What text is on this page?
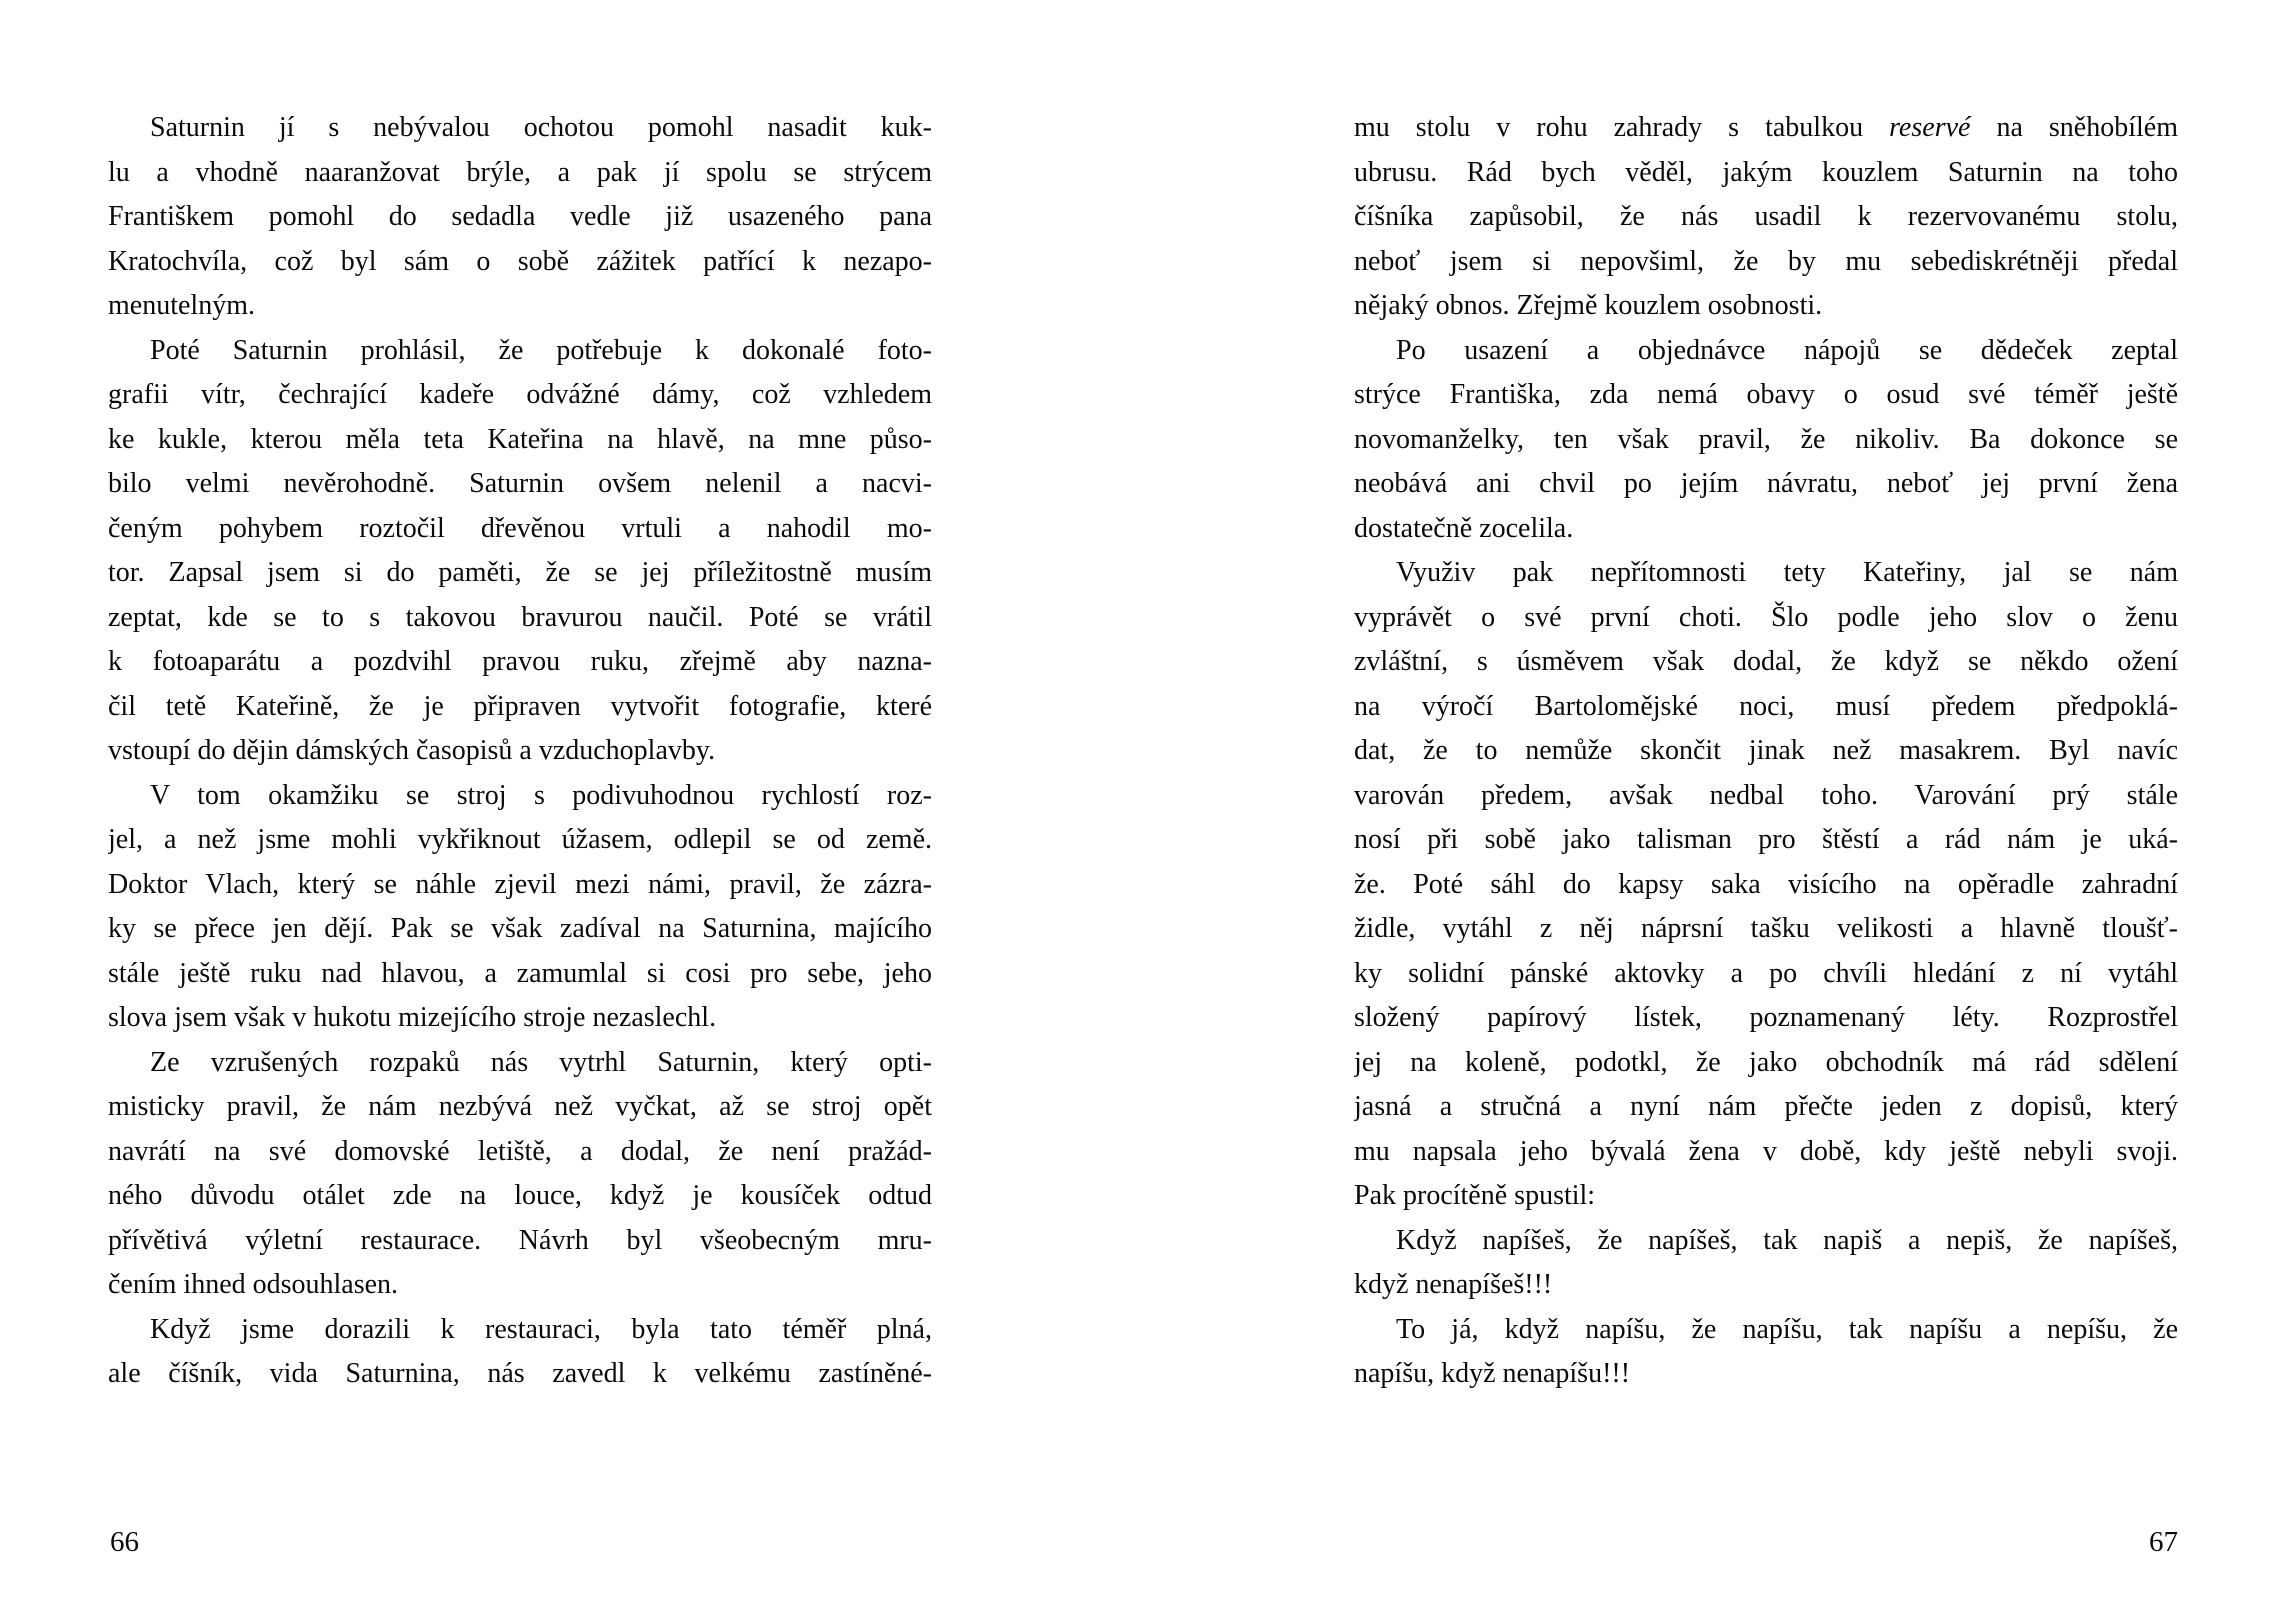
Saturnin jí s nebývalou ochotou pomohl nasadit kuk-
lu a vhodně naaranžovat brýle, a pak jí spolu se strýcem
Františkem pomohl do sedadla vedle již usazeného pana
Kratochvíla, což byl sám o sobě zážitek patřící k nezapo-
menutelným.
Poté Saturnin prohlásil, že potřebuje k dokonalé foto-
grafii vítr, čechrající kadeře odvážné dámy, což vzhledem
ke kukle, kterou měla teta Kateřina na hlavě, na mne půso-
bilo velmi nevěrohodně. Saturnin ovšem nelenil a nacvi-
čeným pohybem roztočil dřevěnou vrtuli a nahodil mo-
tor. Zapsal jsem si do paměti, že se jej příležitostně musím
zeptat, kde se to s takovou bravurou naučil. Poté se vrátil
k fotoaparátu a pozdvihl pravou ruku, zřejmě aby nazna-
čil tetě Kateřině, že je připraven vytvořit fotografie, které
vstoupí do dějin dámských časopisů a vzduchoplavby.
V tom okamžiku se stroj s podivuhodnou rychlostí roz-
jel, a než jsme mohli vykřiknout úžasem, odlepil se od země.
Doktor Vlach, který se náhle zjevil mezi námi, pravil, že zázra-
ky se přece jen dějí. Pak se však zadíval na Saturnina, majícího
stále ještě ruku nad hlavou, a zamumlal si cosi pro sebe, jeho
slova jsem však v hukotu mizejícího stroje nezaslechl.
Ze vzrušených rozpaků nás vytrhl Saturnin, který opti-
misticky pravil, že nám nezbývá než vyčkat, až se stroj opět
navrátí na své domovské letiště, a dodal, že není pražád-
ného důvodu otálet zde na louce, když je kousíček odtud
přívětivá výletní restaurace. Návrh byl všeobecným mru-
čením ihned odsouhlasen.
Když jsme dorazili k restauraci, byla tato téměř plná,
ale číšník, vida Saturnina, nás zavedl k velkému zastíněné-
mu stolu v rohu zahrady s tabulkou reservé na sněhobílém
ubrusu. Rád bych věděl, jakým kouzlem Saturnin na toho
číšníka zapůsobil, že nás usadil k rezervovanému stolu,
neboť jsem si nepovšiml, že by mu sebediskrétněji předal
nějaký obnos. Zřejmě kouzlem osobnosti.
Po usazení a objednávce nápojů se dědeček zeptal
strýce Františka, zda nemá obavy o osud své téměř ještě
novomanželky, ten však pravil, že nikoliv. Ba dokonce se
neobává ani chvil po jejím návratu, neboť jej první žena
dostatečně zocelila.
Využiv pak nepřítomnosti tety Kateřiny, jal se nám
vyprávět o své první choti. Šlo podle jeho slov o ženu
zvláštní, s úsměvem však dodal, že když se někdo ožení
na výročí Bartolomějské noci, musí předem předpoklá-
dat, že to nemůže skončit jinak než masakrem. Byl navíc
varován předem, avšak nedbal toho. Varování prý stále
nosí při sobě jako talisman pro štěstí a rád nám je uká-
že. Poté sáhl do kapsy saka visícího na opěradle zahradní
židle, vytáhl z něj náprsní tašku velikosti a hlavně tloušť-
ky solidní pánské aktovky a po chvíli hledání z ní vytáhl
složený papírový lístek, poznamenaný léty. Rozprostřel
jej na koleně, podotkl, že jako obchodník má rád sdělení
jasná a stručná a nyní nám přečte jeden z dopisů, který
mu napsala jeho bývalá žena v době, kdy ještě nebyli svoji.
Pak procítěně spustil:
Když napíšeš, že napíšeš, tak napiš a nepiš, že napíšeš,
když nenapíšeš!!!
To já, když napíšu, že napíšu, tak napíšu a nepíšu, že
napíšu, když nenapíšu!!!
66	67
